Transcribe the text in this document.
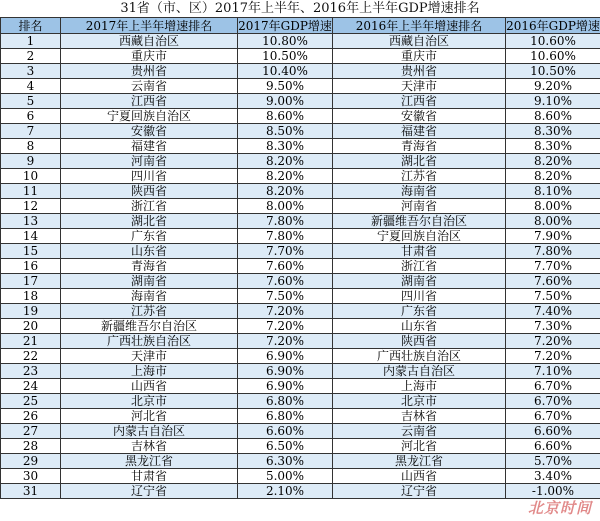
31省（市、区）2017年上半年、2016年上半年GDP增速排名
排名	2017年上半年增速排名	2017年GDP增速	2016年上半年增速排名	2016年GDP增速
1	西藏自治区	10.80%	西藏自治区	10.60%
2	重庆市	10.50%	重庆市	10.60%
3	贵州省	10.40%	贵州省	10.50%
4	云南省	9.50%	天津市	9.20%
5	江西省	9.00%	江西省	9.10%
6	宁夏回族自治区	8.60%	安徽省	8.60%
7	安徽省	8.50%	福建省	8.30%
8	福建省	8.30%	青海省	8.30%
9	河南省	8.20%	湖北省	8.20%
10	四川省	8.20%	江苏省	8.20%
11	陕西省	8.20%	海南省	8.10%
12	浙江省	8.00%	河南省	8.00%
13	湖北省	7.80%	新疆维吾尔自治区	8.00%
14	广东省	7.80%	宁夏回族自治区	7.90%
15	山东省	7.70%	甘肃省	7.80%
16	青海省	7.60%	浙江省	7.70%
17	湖南省	7.60%	湖南省	7.60%
18	海南省	7.50%	四川省	7.50%
19	江苏省	7.20%	广东省	7.40%
20	新疆维吾尔自治区	7.20%	山东省	7.30%
21	广西壮族自治区	7.20%	陕西省	7.20%
22	天津市	6.90%	广西壮族自治区	7.20%
23	上海市	6.90%	内蒙古自治区	7.10%
24	山西省	6.90%	上海市	6.70%
25	北京市	6.80%	北京市	6.70%
26	河北省	6.80%	吉林省	6.70%
27	内蒙古自治区	6.60%	云南省	6.60%
28	吉林省	6.50%	河北省	6.60%
29	黑龙江省	6.30%	黑龙江省	5.70%
30	甘肃省	5.00%	山西省	3.40%
31	辽宁省	2.10%	辽宁省	-1.00%
北京时间
